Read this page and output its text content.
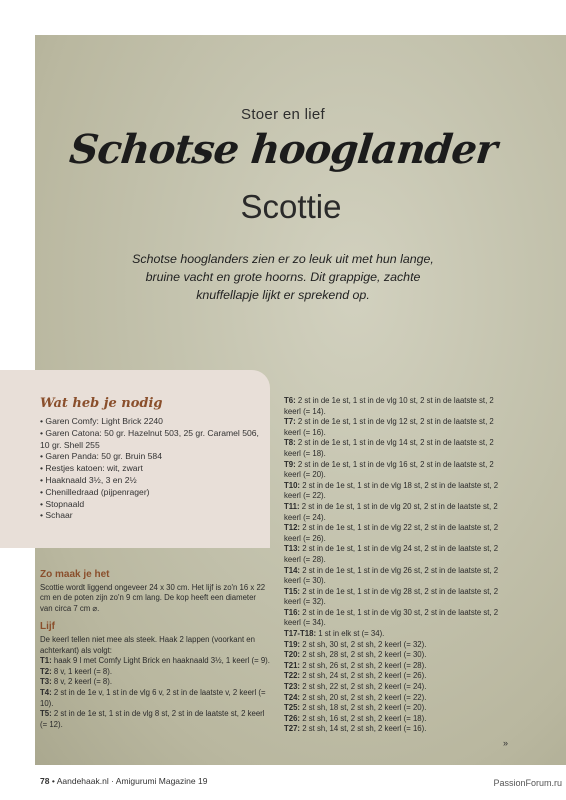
Stoer en lief
Schotse hooglander
Scottie
Schotse hooglanders zien er zo leuk uit met hun lange, bruine vacht en grote hoorns. Dit grappige, zachte knuffellapje lijkt er sprekend op.
Wat heb je nodig
• Garen Comfy: Light Brick 2240
• Garen Catona: 50 gr. Hazelnut 503, 25 gr. Caramel 506, 10 gr. Shell 255
• Garen Panda: 50 gr. Bruin 584
• Restjes katoen: wit, zwart
• Haaknaald 3½, 3 en 2½
• Chenilledraad (pijpenrager)
• Stopnaald
• Schaar
Zo maak je het
Scottie wordt liggend ongeveer 24 x 30 cm. Het lijf is zo'n 16 x 22 cm en de poten zijn zo'n 9 cm lang. De kop heeft een diameter van circa 7 cm ⌀.
Lijf
De keerl tellen niet mee als steek. Haak 2 lappen (voorkant en achterkant) als volgt:

T1: haak 9 l met Comfy Light Brick en haaknaald 3½, 1 keerl (= 9).

T2: 8 v, 1 keerl (= 8).

T3: 8 v, 2 keerl (= 8).

T4: 2 st in de 1e v, 1 st in de vlg 6 v, 2 st in de laatste v, 2 keerl (= 10).

T5: 2 st in de 1e st, 1 st in de vlg 8 st, 2 st in de laatste st, 2 keerl (= 12).

T6: 2 st in de 1e st, 1 st in de vlg 10 st, 2 st in de laatste st, 2 keerl (= 14).

T7: 2 st in de 1e st, 1 st in de vlg 12 st, 2 st in de laatste st, 2 keerl (= 16).

T8: 2 st in de 1e st, 1 st in de vlg 14 st, 2 st in de laatste st, 2 keerl (= 18).

T9: 2 st in de 1e st, 1 st in de vlg 16 st, 2 st in de laatste st, 2 keerl (= 20).

T10: 2 st in de 1e st, 1 st in de vlg 18 st, 2 st in de laatste st, 2 keerl (= 22).

T11: 2 st in de 1e st, 1 st in de vlg 20 st, 2 st in de laatste st, 2 keerl (= 24).

T12: 2 st in de 1e st, 1 st in de vlg 22 st, 2 st in de laatste st, 2 keerl (= 26).

T13: 2 st in de 1e st, 1 st in de vlg 24 st, 2 st in de laatste st, 2 keerl (= 28).

T14: 2 st in de 1e st, 1 st in de vlg 26 st, 2 st in de laatste st, 2 keerl (= 30).

T15: 2 st in de 1e st, 1 st in de vlg 28 st, 2 st in de laatste st, 2 keerl (= 32).

T16: 2 st in de 1e st, 1 st in de vlg 30 st, 2 st in de laatste st, 2 keerl (= 34).

T17-T18: 1 st in elk st (= 34).

T19: 2 st sh, 30 st, 2 st sh, 2 keerl (= 32).

T20: 2 st sh, 28 st, 2 st sh, 2 keerl (= 30).

T21: 2 st sh, 26 st, 2 st sh, 2 keerl (= 28).

T22: 2 st sh, 24 st, 2 st sh, 2 keerl (= 26).

T23: 2 st sh, 22 st, 2 st sh, 2 keerl (= 24).

T24: 2 st sh, 20 st, 2 st sh, 2 keerl (= 22).

T25: 2 st sh, 18 st, 2 st sh, 2 keerl (= 20).

T26: 2 st sh, 16 st, 2 st sh, 2 keerl (= 18).

T27: 2 st sh, 14 st, 2 st sh, 2 keerl (= 16).

»
78 • Aandehaak.nl · Amigurumi Magazine 19	PassionForum.ru
